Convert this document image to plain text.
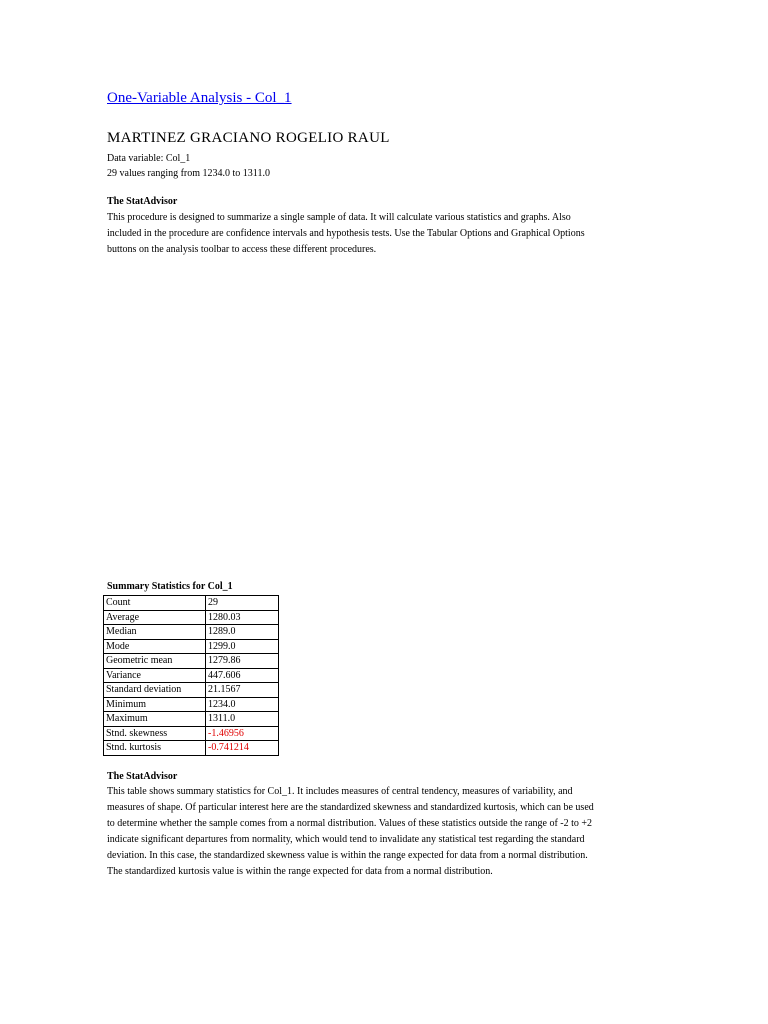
One-Variable Analysis - Col_1
MARTINEZ GRACIANO ROGELIO RAUL
Data variable: Col_1
29 values ranging from 1234.0 to 1311.0
The StatAdvisor
This procedure is designed to summarize a single sample of data. It will calculate various statistics and graphs. Also
included in the procedure are confidence intervals and hypothesis tests. Use the Tabular Options and Graphical Options
buttons on the analysis toolbar to access these different procedures.
Summary Statistics for Col_1
Count	29
Average	1280.03
Median	1289.0
Mode	1299.0
Geometric mean	1279.86
Variance	447.606
Standard deviation	21.1567
Minimum	1234.0
Maximum	1311.0
Stnd. skewness	-1.46956
Stnd. kurtosis	-0.741214
The StatAdvisor
This table shows summary statistics for Col_1. It includes measures of central tendency, measures of variability, and
measures of shape. Of particular interest here are the standardized skewness and standardized kurtosis, which can be used
to determine whether the sample comes from a normal distribution. Values of these statistics outside the range of -2 to +2
indicate significant departures from normality, which would tend to invalidate any statistical test regarding the standard
deviation. In this case, the standardized skewness value is within the range expected for data from a normal distribution.
The standardized kurtosis value is within the range expected for data from a normal distribution.
